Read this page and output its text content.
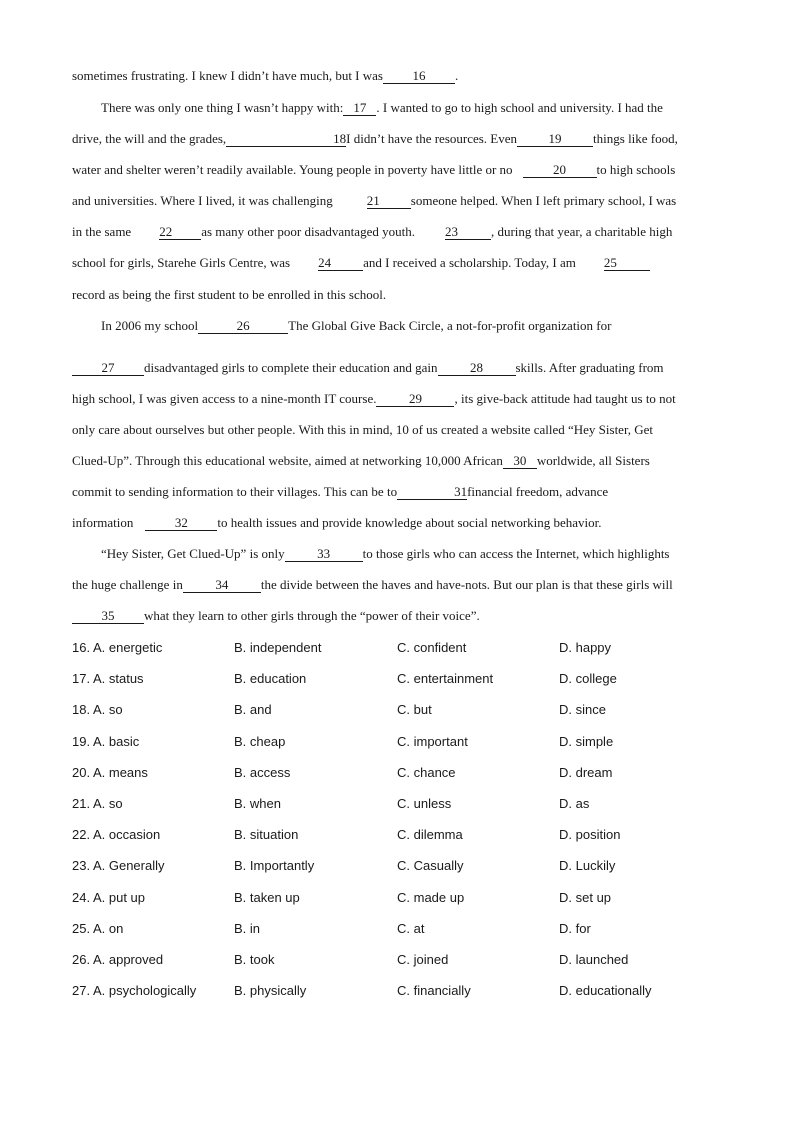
sometimes frustrating. I knew I didn’t have much, but I was 16 .
There was only one thing I wasn’t happy with: 17 . I wanted to go to high school and university. I had the
drive, the will and the grades,	18I didn’t have the resources. Even 19 things like food,
water and shelter weren’t readily available. Young people in poverty have little or no	20 to high schools
and universities. Where I lived, it was challenging	21 someone helped. When I left primary school, I was
in the same 22 as many other poor disadvantaged youth. 23	, during that year, a charitable high
school for girls, Starehe Girls Centre, was 24 and I received a scholarship. Today, I am 25
record as being the first student to be enrolled in this school.
In 2006 my school	26	The Global Give Back Circle, a not-for-profit organization for
27 disadvantaged girls to complete their education and gain	28	skills. After graduating from
high school, I was given access to a nine-month IT course.	29	, its give-back attitude had taught us to not
only care about ourselves but other people. With this in mind, 10 of us created a website called “Hey Sister, Get
Clued-Up”. Through this educational website, aimed at networking 10,000 African 30 worldwide, all Sisters
commit to sending information to their villages. This can be to	31financial freedom, advance
information	32 to health issues and provide knowledge about social networking behavior.
“Hey Sister, Get Clued-Up” is only	33	to those girls who can access the Internet, which highlights
the huge challenge in	34	the divide between the haves and have-nots. But our plan is that these girls will
35 what they learn to other girls through the “power of their voice”.
16. A. energetic	B. independent	C. confident	D. happy
17. A. status	B. education	C. entertainment	D. college
18. A. so	B. and	C. but	D. since
19. A. basic	B. cheap	C. important	D. simple
20. A. means	B. access	C. chance	D. dream
21. A. so	B. when	C. unless	D. as
22. A. occasion	B. situation	C. dilemma	D. position
23. A. Generally	B. Importantly	C. Casually	D. Luckily
24. A. put up	B. taken up	C. made up	D. set up
25. A. on	B. in	C. at	D. for
26. A. approved	B. took	C. joined	D. launched
27. A. psychologically	B. physically	C. financially	D. educationally
